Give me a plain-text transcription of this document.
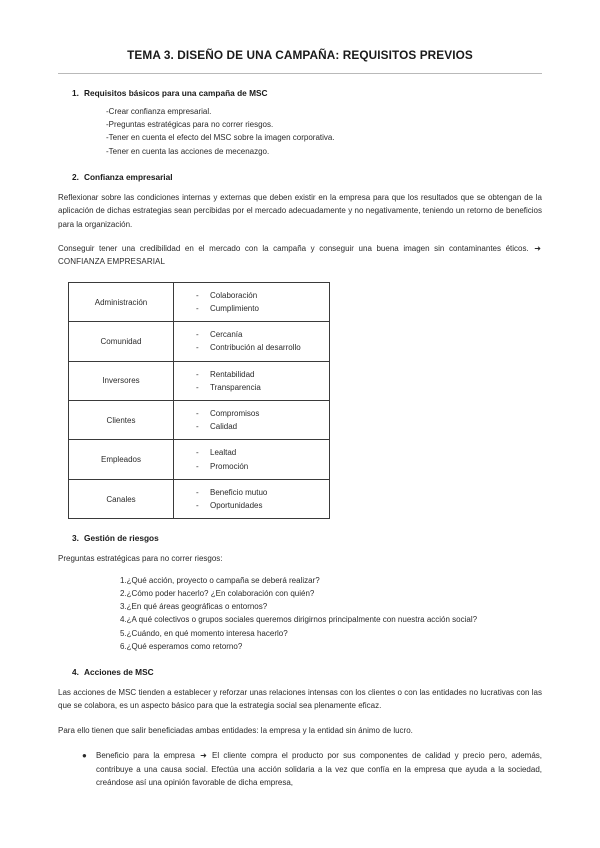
TEMA 3. DISEÑO DE UNA CAMPAÑA: REQUISITOS PREVIOS
1. Requisitos básicos para una campaña de MSC
- Crear confianza empresarial.
- Preguntas estratégicas para no correr riesgos.
- Tener en cuenta el efecto del MSC sobre la imagen corporativa.
- Tener en cuenta las acciones de mecenazgo.
2. Confianza empresarial

Reflexionar sobre las condiciones internas y externas que deben existir en la empresa para que los resultados que se obtengan de la aplicación de dichas estrategias sean percibidas por el mercado adecuadamente y no negativamente, teniendo un retorno de beneficios para la organización.

Conseguir tener una credibilidad en el mercado con la campaña y conseguir una buena imagen sin contaminantes éticos. ➜ CONFIANZA EMPRESARIAL

Administración	
-	Colaboración
-	Cumplimiento

Comunidad	
-	Cercanía
-	Contribución al desarrollo

Inversores	
-	Rentabilidad
-	Transparencia

Clientes	
-	Compromisos
-	Calidad

Empleados	
-	Lealtad
-	Promoción

Canales	
-	Beneficio mutuo
-	Oportunidades
3. Gestión de riesgos

Preguntas estratégicas para no correr riesgos:

1. ¿Qué acción, proyecto o campaña se deberá realizar?
2. ¿Cómo poder hacerlo? ¿En colaboración con quién?
3. ¿En qué áreas geográficas o entornos?
4. ¿A qué colectivos o grupos sociales queremos dirigirnos principalmente con nuestra acción social?
5. ¿Cuándo, en qué momento interesa hacerlo?
6. ¿Qué esperamos como retorno?
4. Acciones de MSC

Las acciones de MSC tienden a establecer y reforzar unas relaciones intensas con los clientes o con las entidades no lucrativas con las que se colabora, es un aspecto básico para que la estrategia social sea plenamente eficaz.

Para ello tienen que salir beneficiadas ambas entidades: la empresa y la entidad sin ánimo de lucro.

●	Beneficio para la empresa ➜ El cliente compra el producto por sus componentes de calidad y precio pero, además, contribuye a una causa social. Efectúa una acción solidaria a la vez que confía en la empresa que ayuda a la sociedad, creándose así una opinión favorable de dicha empresa,
